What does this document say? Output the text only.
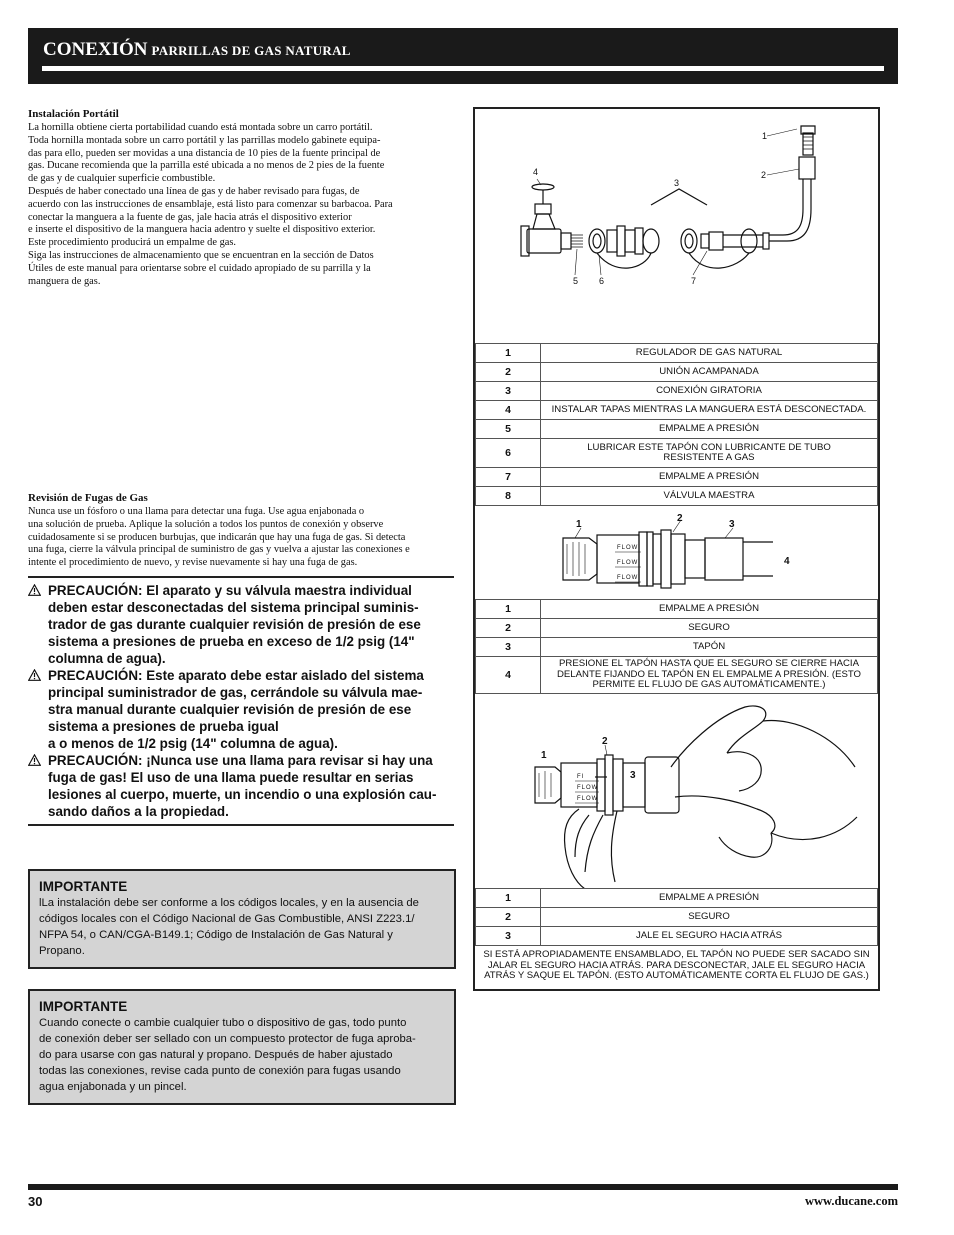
CONEXIÓN PARRILLAS DE GAS NATURAL
Instalación Portátil

La hornilla obtiene cierta portabilidad cuando está montada sobre un carro portátil.

Toda hornilla montada sobre un carro portátil y las parrillas modelo gabinete equipa-

das para ello, pueden ser movidas a una distancia de 10 pies de la fuente principal de

gas. Ducane recomienda que la parrilla esté ubicada a no menos de 2 pies de la fuente

de gas y de cualquier superficie combustible.

Después de haber conectado una línea de gas y de haber revisado para fugas, de

acuerdo con las instrucciones de ensamblaje, está listo para comenzar su barbacoa. Para

conectar la manguera a la fuente de gas, jale hacia atrás el dispositivo exterior

e inserte el dispositivo de la manguera hacia adentro y suelte el dispositivo exterior.

Este procedimiento producirá un empalme de gas.

Siga las instrucciones de almacenamiento que se encuentran en la sección de Datos

Útiles de este manual para orientarse sobre el cuidado apropiado de su parrilla y la

manguera de gas.

Revisión de Fugas de Gas

Nunca use un fósforo o una llama para detectar una fuga. Use agua enjabonada o

una solución de prueba. Aplique la solución a todos los puntos de conexión y observe

cuidadosamente si se producen burbujas, que indicarán que hay una fuga de gas. Si detecta

una fuga, cierre la válvula principal de suministro de gas y vuelva a ajustar las conexiones e

intente el procedimiento de nuevo, y revise nuevamente si hay una fuga de gas.

PRECAUCIÓN: El aparato y su válvula maestra individual
deben estar desconectadas del sistema principal suminis-
trador de gas durante cualquier revisión de presión de ese
sistema a presiones de prueba en exceso de 1/2 psig (14"
columna de agua).
PRECAUCIÓN: Este aparato debe estar aislado del sistema
principal suministrador de gas, cerrándole su válvula mae-
stra manual durante cualquier revisión de presión de ese
sistema a presiones de prueba igual
a o menos de 1/2 psig (14" columna de agua).
PRECAUCIÓN: ¡Nunca use una llama para revisar si hay una
fuga de gas! El uso de una llama puede resultar en serias
lesiones al cuerpo, muerte, un incendio o una explosión cau-
sando daños a la propiedad.
IMPORTANTE
lLa instalación debe ser conforme a los códigos locales, y en la ausencia de
códigos locales con el Código Nacional de Gas Combustible, ANSI Z223.1/
NFPA 54, o CAN/CGA-B149.1; Código de Instalación de Gas Natural y
Propano.
IMPORTANTE
Cuando conecte o cambie cualquier tubo o dispositivo de gas, todo punto
de conexión deber ser sellado con un compuesto protector de fuga aproba-
do para usarse con gas natural y propano. Después de haber ajustado
todas las conexiones, revise cada punto de conexión para fugas usando
agua enjabonada y un pincel.
1
2
3
4
5 6	7
1	REGULADOR DE GAS NATURAL
2	UNIÓN ACAMPANADA
3	CONEXIÓN GIRATORIA
4	INSTALAR TAPAS MIENTRAS LA MANGUERA ESTÁ DESCONECTADA.
5	EMPALME A PRESIÓN
6	LUBRICAR ESTE TAPÓN CON LUBRICANTE DE TUBO
RESISTENTE A GAS

7	EMPALME A PRESIÓN
8	VÁLVULA MAESTRA
FLOW
FLOW
FLOW
1
2
3
4
1	EMPALME A PRESIÓN
2	SEGURO
3	TAPÓN
4	PRESIONE EL TAPÓN HASTA QUE EL SEGURO SE CIERRE HACIA
DELANTE FIJANDO EL TAPÓN EN EL EMPALME A PRESIÓN. (ESTO
PERMITE EL FLUJO DE GAS AUTOMÁTICAMENTE.)
FI
FLOW
FLOW
1
2
3
1	EMPALME A PRESIÓN
2	SEGURO
3	JALE EL SEGURO HACIA ATRÁS
SI ESTÁ APROPIADAMENTE ENSAMBLADO, EL TAPÓN NO PUEDE SER SACADO SIN
JALAR EL SEGURO HACIA ATRÁS. PARA DESCONECTAR, JALE EL SEGURO HACIA
ATRÁS Y SAQUE EL TAPÓN. (ESTO AUTOMÁTICAMENTE CORTA EL FLUJO DE GAS.)
30	www.ducane.com
